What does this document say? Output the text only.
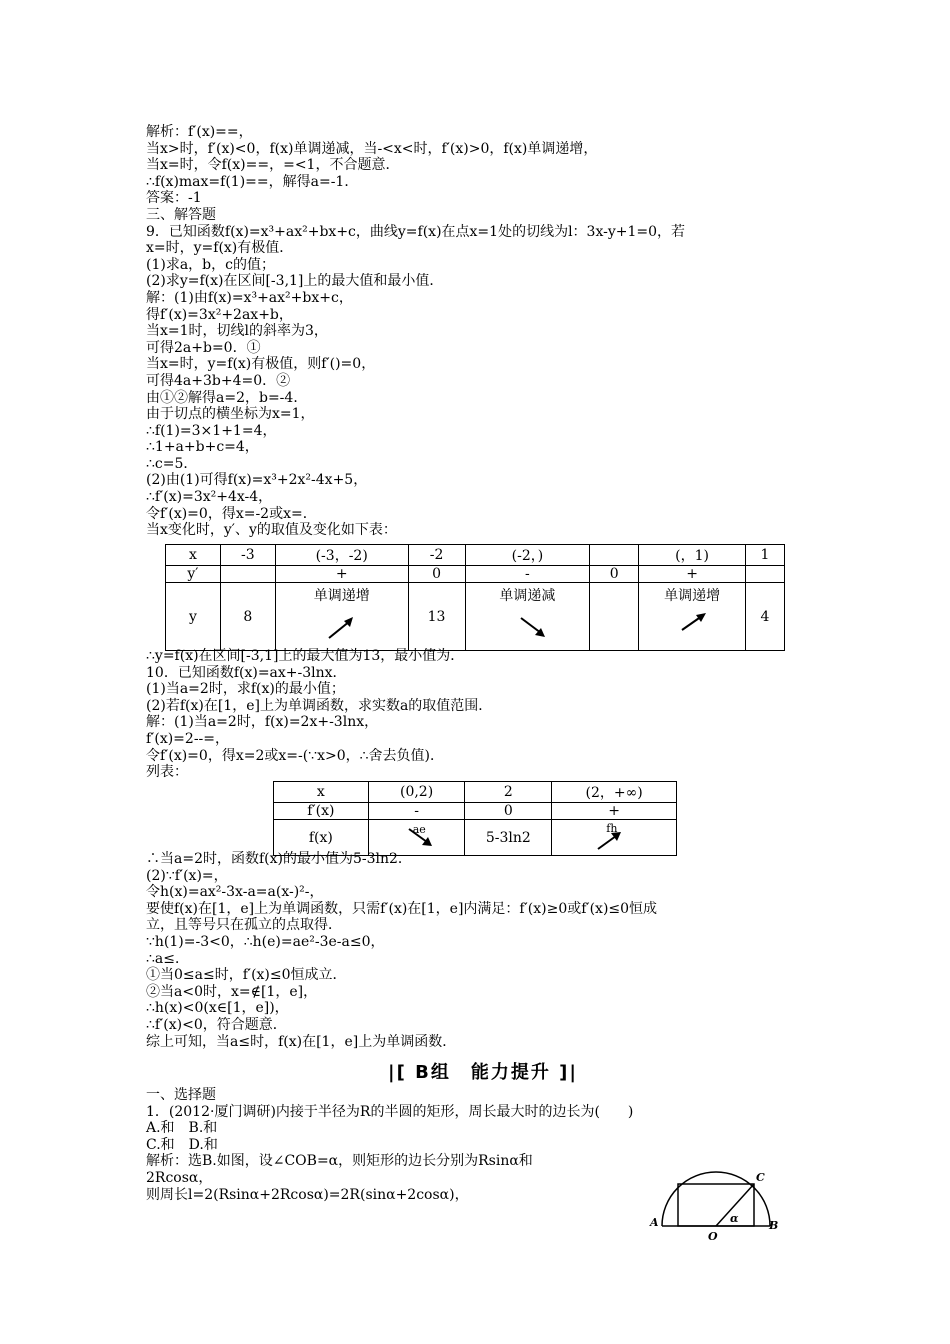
解析：f′(x)==，
当x>时，f′(x)<0，f(x)单调递减，当-<x<时，f′(x)>0，f(x)单调递增，
当x=时，令f(x)==，=<1，不合题意．
∴f(x)max=f(1)==，解得a=-1．
答案：-1
三、解答题
9．已知函数f(x)=x³+ax²+bx+c，曲线y=f(x)在点x=1处的切线为l：3x-y+1=0，若
x=时，y=f(x)有极值．
(1)求a，b，c的值；
(2)求y=f(x)在区间[-3,1]上的最大值和最小值．
解：(1)由f(x)=x³+ax²+bx+c，
得f′(x)=3x²+2ax+b，
当x=1时，切线l的斜率为3，
可得2a+b=0．①
当x=时，y=f(x)有极值，则f′()=0，
可得4a+3b+4=0．②
由①②解得a=2，b=-4．
由于切点的横坐标为x=1，
∴f(1)=3×1+1=4，
∴1+a+b+c=4，
∴c=5．
(2)由(1)可得f(x)=x³+2x²-4x+5，
∴f′(x)=3x²+4x-4，
令f′(x)=0，得x=-2或x=．
当x变化时，y′、y的取值及变化如下表：
x	-3	(-3，-2)	-2	(-2，)		(，1)	1
y′		+	0	-	0	+	
y	8	单调递增	13	单调递减		单调递增	4
∴y=f(x)在区间[-3,1]上的最大值为13，最小值为．
10．已知函数f(x)=ax+-3lnx．
(1)当a=2时，求f(x)的最小值；
(2)若f(x)在[1，e]上为单调函数，求实数a的取值范围．
解：(1)当a=2时，f(x)=2x+-3lnx，
f′(x)=2--=，
令f′(x)=0，得x=2或x=-(∵x>0，∴舍去负值)．
列表：
x	(0,2)	2	(2，+∞)
f′(x)	-	0	+
f(x)	ae	5-3ln2	fh
∴当a=2时，函数f(x)的最小值为5-3ln2．
(2)∵f′(x)=，
令h(x)=ax²-3x-a=a(x-)²-，
要使f(x)在[1，e]上为单调函数，只需f′(x)在[1，e]内满足：f′(x)≥0或f′(x)≤0恒成
立，且等号只在孤立的点取得．
∵h(1)=-3<0，∴h(e)=ae²-3e-a≤0，
∴a≤．
①当0≤a≤时，f′(x)≤0恒成立．
②当a<0时，x=∉[1，e]，
∴h(x)<0(x∈[1，e])，
∴f′(x)<0，符合题意．
综上可知，当a≤时，f(x)在[1，e]上为单调函数．
|[ B组　能力提升 ]|
一、选择题
1．(2012·厦门调研)内接于半径为R的半圆的矩形，周长最大时的边长为(　　)
A.和　B.和
C.和　D.和
解析：选B.如图，设∠COB=α，则矩形的边长分别为Rsinα和
2Rcosα，
则周长l=2(Rsinα+2Rcosα)=2R(sinα+2cosα)，
A
O
B
C
α
